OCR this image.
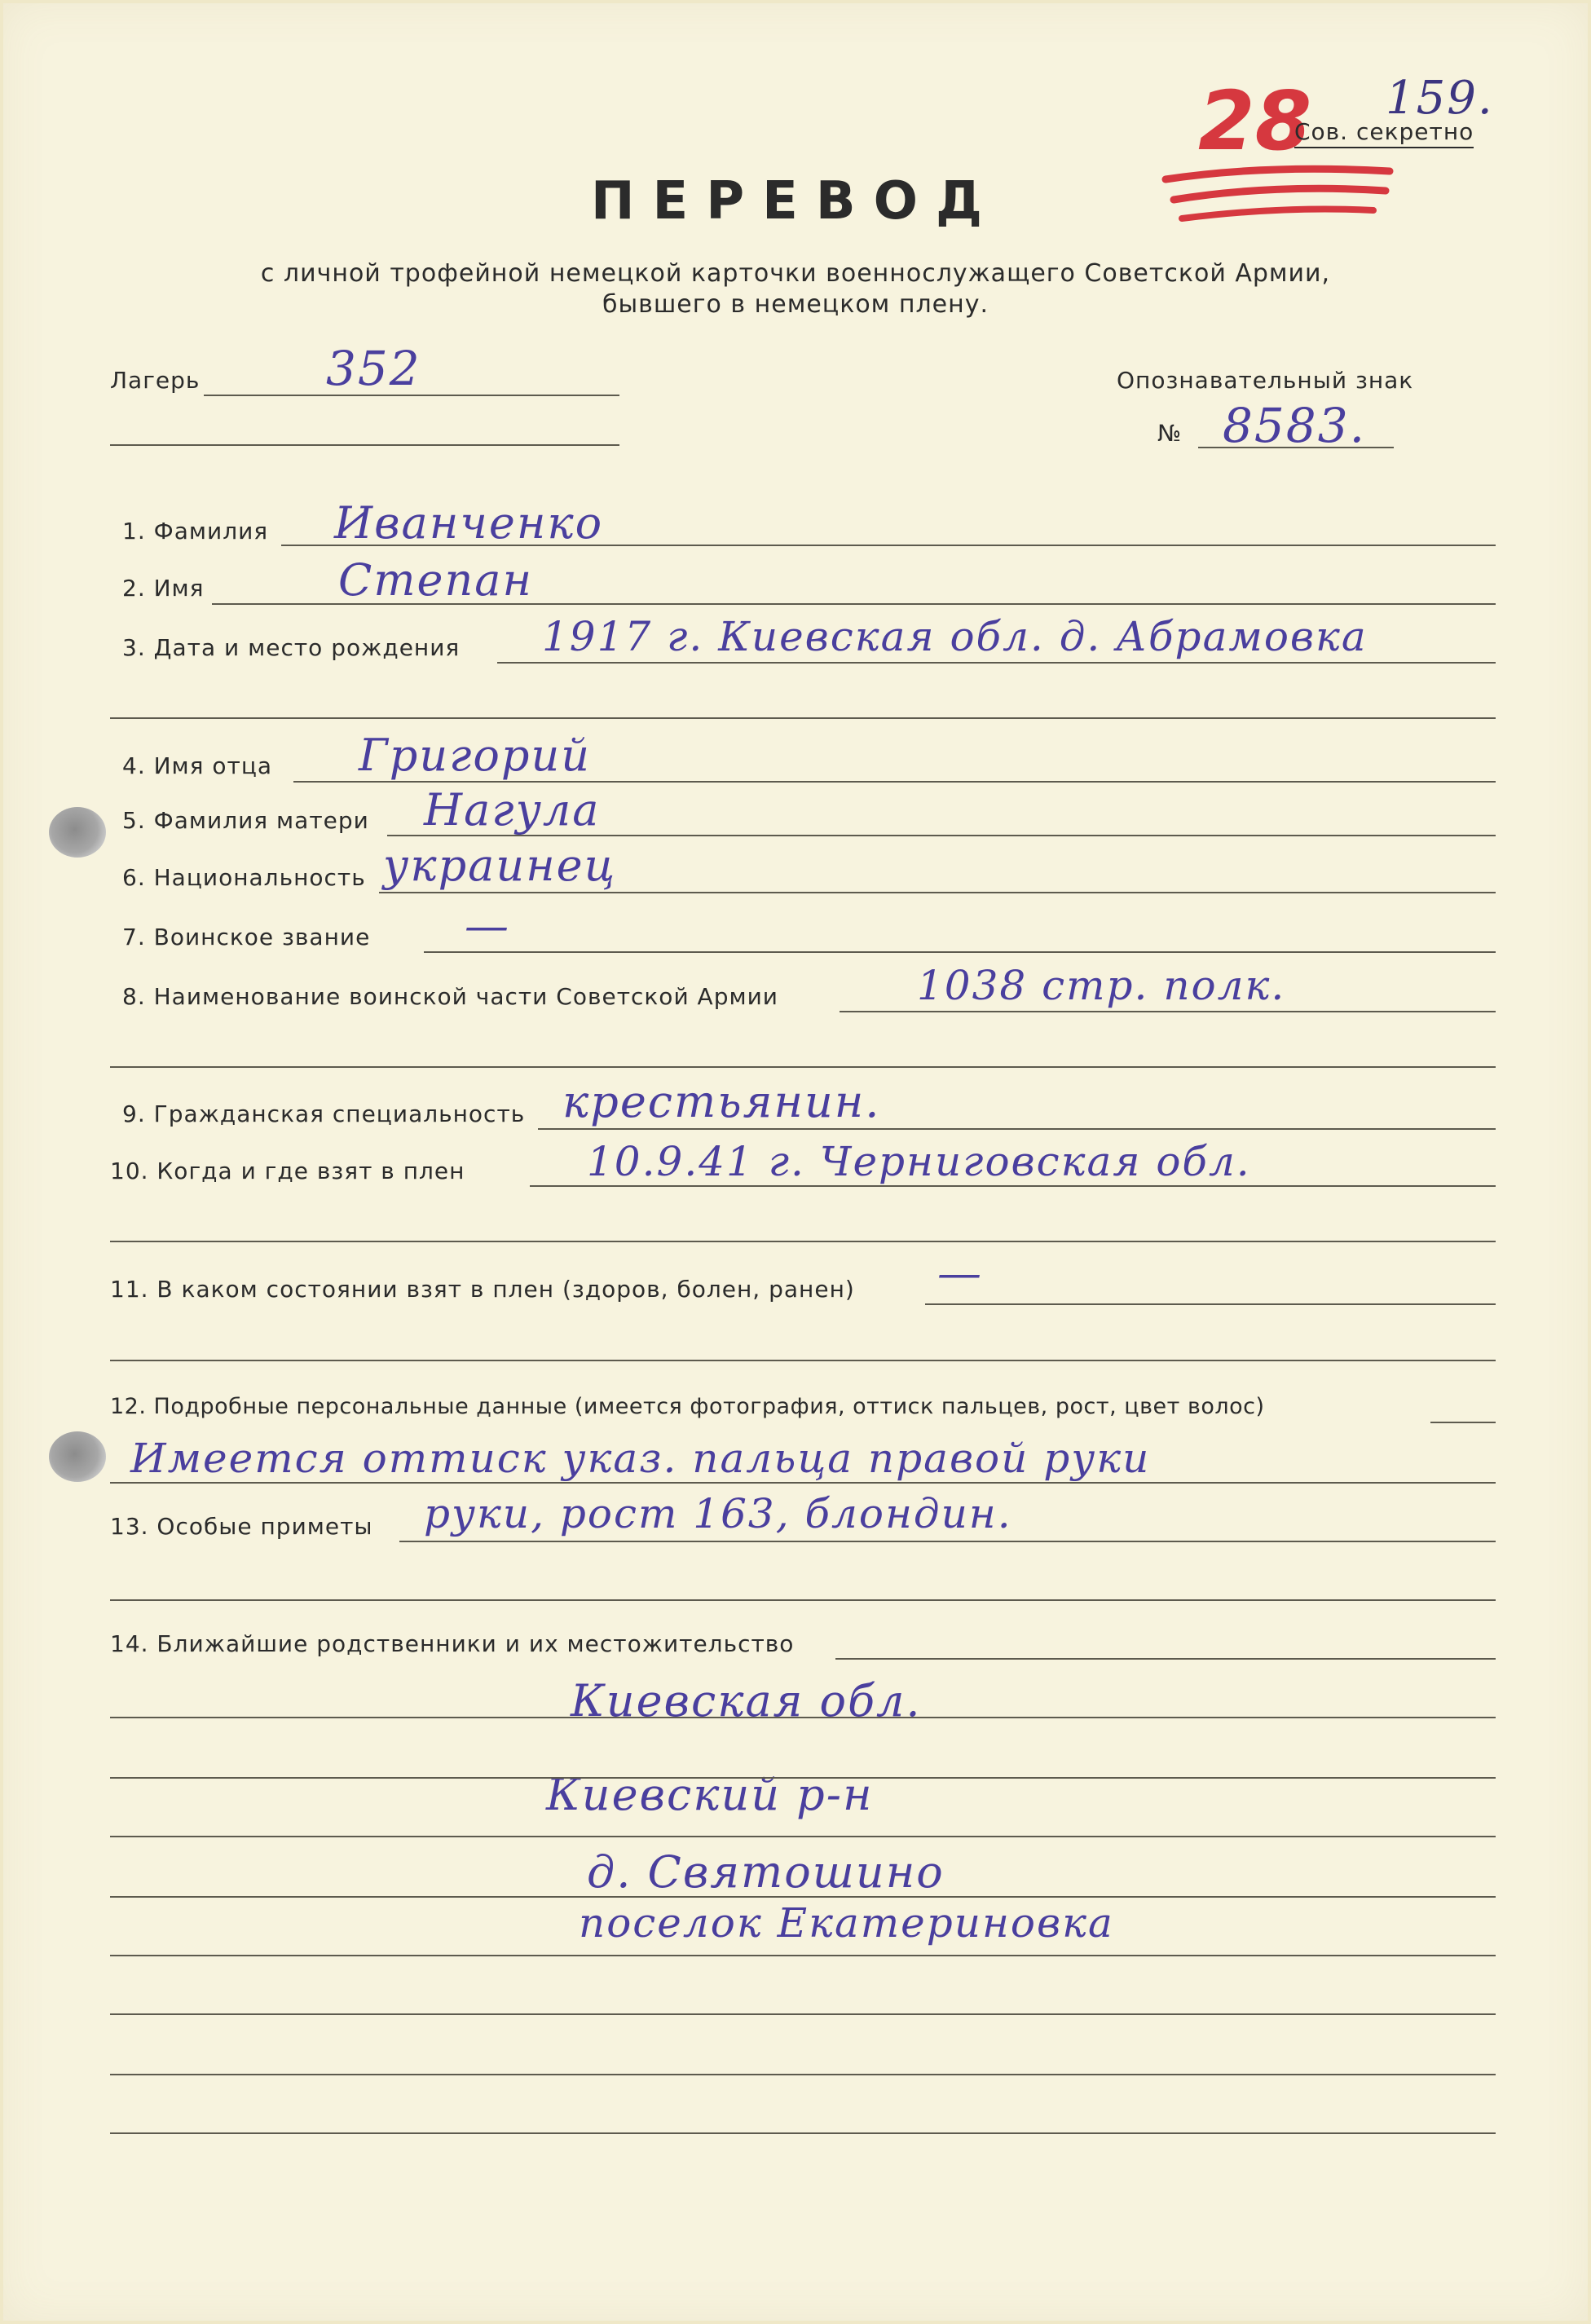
159.
28
Сов. секретно
ПЕРЕВОД
с личной трофейной немецкой карточки военнослужащего Советской Армии,
бывшего в немецком плену.
Лагерь	352	Опознавательный знак
№ 8583.
1. Фамилия Иванченко
2. Имя	Степан
3. Дата и место рождения 1917 г. Киевская обл. д. Абрамовка
4. Имя отца Григорий
5. Фамилия матери Нагула
6. Национальность украинец
7. Воинское звание —
8. Наименование воинской части Советской Армии	1038 стр. полк.
9. Гражданская специальность крестьянин.
10. Когда и где взят в плен	10.9.41 г. Черниговская обл.
11. В каком состоянии взят в плен (здоров, болен, ранен) —
12. Подробные персональные данные (имеется фотография, оттиск пальцев, рост, цвет волос)
Имеется оттиск указ. пальца правой руки
13. Особые приметы руки, рост 163, блондин.
14. Ближайшие родственники и их местожительство
Киевская обл.
Киевский р-н
д. Святошино
поселок Екатериновка
